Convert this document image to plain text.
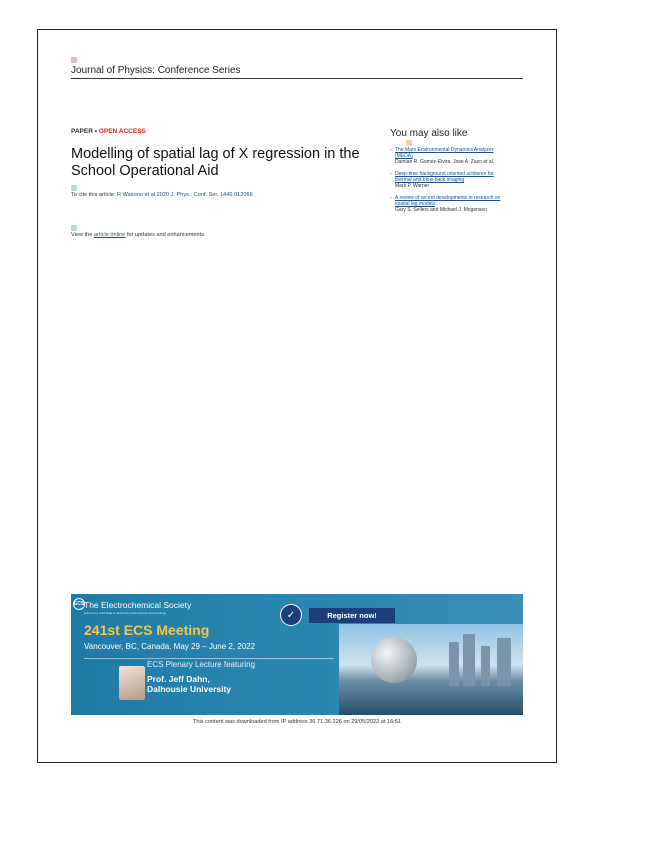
Journal of Physics: Conference Series
PAPER • OPEN ACCESS
Modelling of spatial lag of X regression in the School Operational Aid
To cite this article: R Wasono et al 2020 J. Phys.: Conf. Ser. 1446 012066
View the article online for updates and enhancements.
You may also like
- The Mars Environmental Dynamics Analyzer (MEDA)
Damian R. Gomez-Elvira, Jose A. Zazo et al.
- Deep-time background oriented schlieren for thermal and blow-back imaging
Mark P. Warner
- A review of recent developments in research on spatial lag models
Gary S. Sellers and Michael J. Mogensen
ECS The Electrochemical Society
Advancing solid state & electrochemical science & technology
241st ECS Meeting
Vancouver, BC, Canada. May 29 – June 2, 2022
ECS Plenary Lecture featuring
Prof. Jeff Dahn,
Dalhousie University
✓	Register now!
This content was downloaded from IP address 36.71.36.226 on 29/05/2022 at 16:51
